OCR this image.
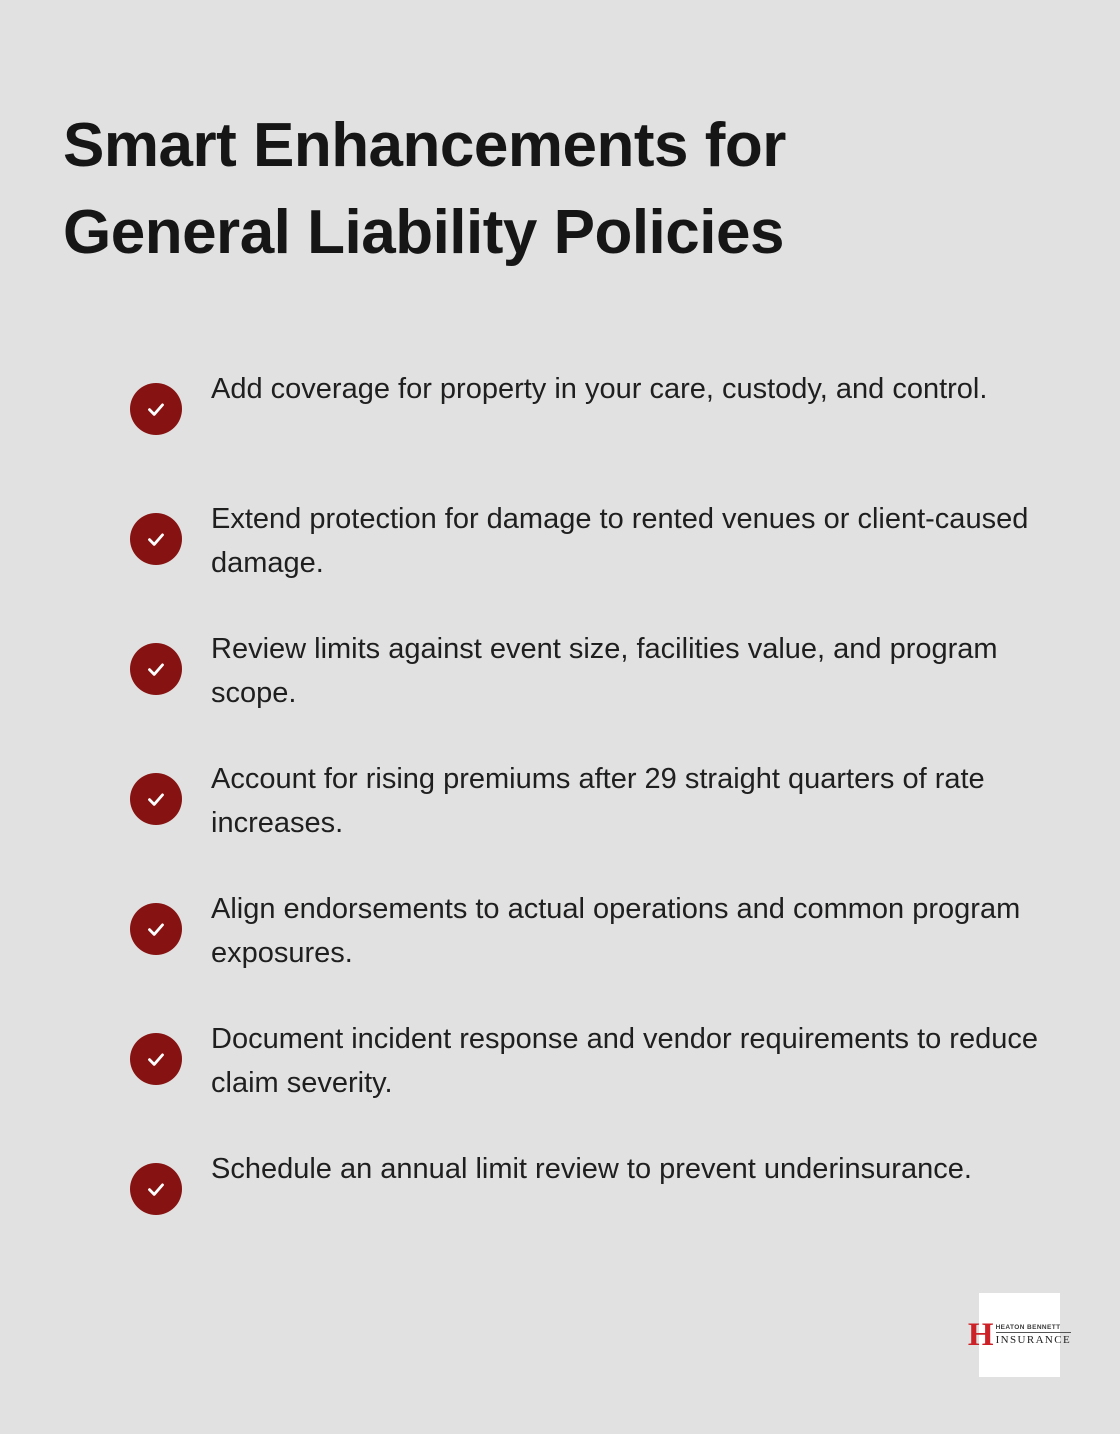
Smart Enhancements for
General Liability Policies

Add coverage for property in your care, custody, and control.

Extend protection for damage to rented venues or client-caused damage.

Review limits against event size, facilities value, and program scope.

Account for rising premiums after 29 straight quarters of rate increases.

Align endorsements to actual operations and common program exposures.

Document incident response and vendor requirements to reduce claim severity.

Schedule an annual limit review to prevent underinsurance.

H HEATON BENNETT
INSURANCE
